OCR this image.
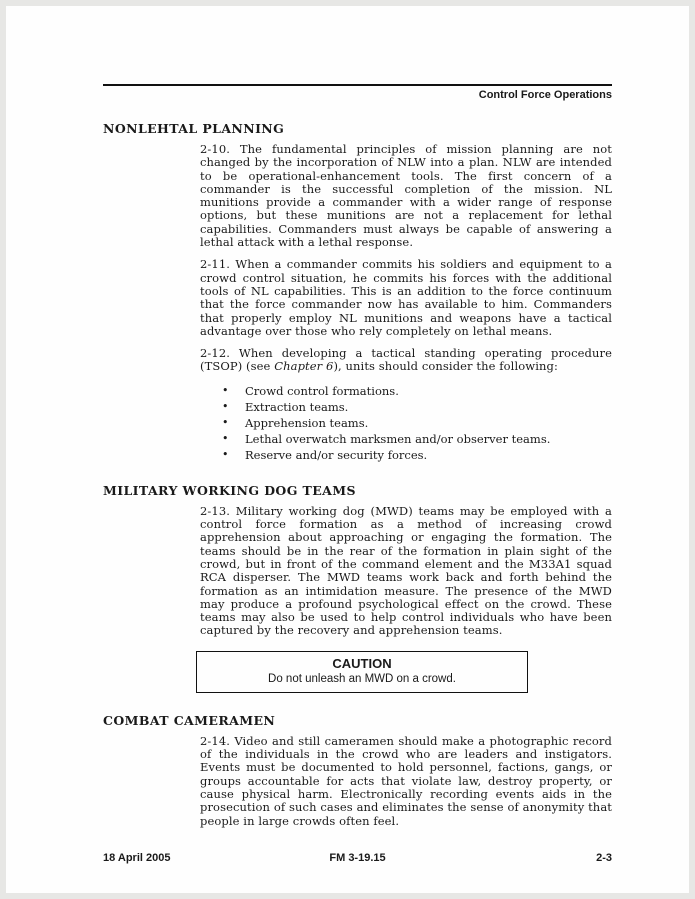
Control Force Operations
NONLEHTAL PLANNING

2-10. The fundamental principles of mission planning are not changed by the incorporation of NLW into a plan. NLW are intended to be operational-enhancement tools. The first concern of a commander is the successful completion of the mission. NL munitions provide a commander with a wider range of response options, but these munitions are not a replacement for lethal capabilities. Commanders must always be capable of answering a lethal attack with a lethal response.

2-11. When a commander commits his soldiers and equipment to a crowd control situation, he commits his forces with the additional tools of NL capabilities. This is an addition to the force continuum that the force commander now has available to him. Commanders that properly employ NL munitions and weapons have a tactical advantage over those who rely completely on lethal means.

2-12. When developing a tactical standing operating procedure (TSOP) (see Chapter 6), units should consider the following:

• Crowd control formations.
• Extraction teams.
• Apprehension teams.
• Lethal overwatch marksmen and/or observer teams.
• Reserve and/or security forces.
MILITARY WORKING DOG TEAMS

2-13. Military working dog (MWD) teams may be employed with a control force formation as a method of increasing crowd apprehension about approaching or engaging the formation. The teams should be in the rear of the formation in plain sight of the crowd, but in front of the command element and the M33A1 squad RCA disperser. The MWD teams work back and forth behind the formation as an intimidation measure. The presence of the MWD may produce a profound psychological effect on the crowd. These teams may also be used to help control individuals who have been captured by the recovery and apprehension teams.

CAUTION
Do not unleash an MWD on a crowd.
COMBAT CAMERAMEN

2-14. Video and still cameramen should make a photographic record of the individuals in the crowd who are leaders and instigators. Events must be documented to hold personnel, factions, gangs, or groups accountable for acts that violate law, destroy property, or cause physical harm. Electronically recording events aids in the prosecution of such cases and eliminates the sense of anonymity that people in large crowds often feel.

18 April 2005	FM 3-19.15	2-3
